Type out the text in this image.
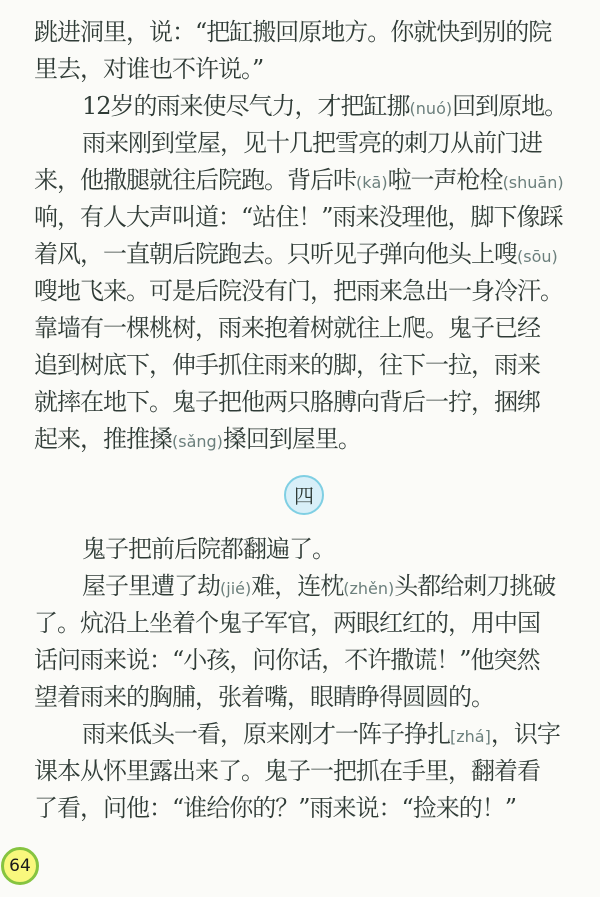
跳进洞里，说：“把缸搬回原地方。你就快到别的院
里去，对谁也不许说。”
12岁的雨来使尽气力，才把缸挪(nuó)回到原地。
雨来刚到堂屋，见十几把雪亮的刺刀从前门进
来，他撒腿就往后院跑。背后咔(kā)啦一声枪栓(shuān)
响，有人大声叫道：“站住！”雨来没理他，脚下像踩
着风，一直朝后院跑去。只听见子弹向他头上嗖(sōu)
嗖地飞来。可是后院没有门，把雨来急出一身冷汗。
靠墙有一棵桃树，雨来抱着树就往上爬。鬼子已经
追到树底下，伸手抓住雨来的脚，往下一拉，雨来
就摔在地下。鬼子把他两只胳膊向背后一拧，捆绑
起来，推推搡(sǎng)搡回到屋里。
四
鬼子把前后院都翻遍了。
屋子里遭了劫(jié)难，连枕(zhěn)头都给刺刀挑破
了。炕沿上坐着个鬼子军官，两眼红红的，用中国
话问雨来说：“小孩，问你话，不许撒谎！”他突然
望着雨来的胸脯，张着嘴，眼睛睁得圆圆的。
雨来低头一看，原来刚才一阵子挣扎[zhá]，识字
课本从怀里露出来了。鬼子一把抓在手里，翻着看
了看，问他：“谁给你的？”雨来说：“捡来的！”
64
